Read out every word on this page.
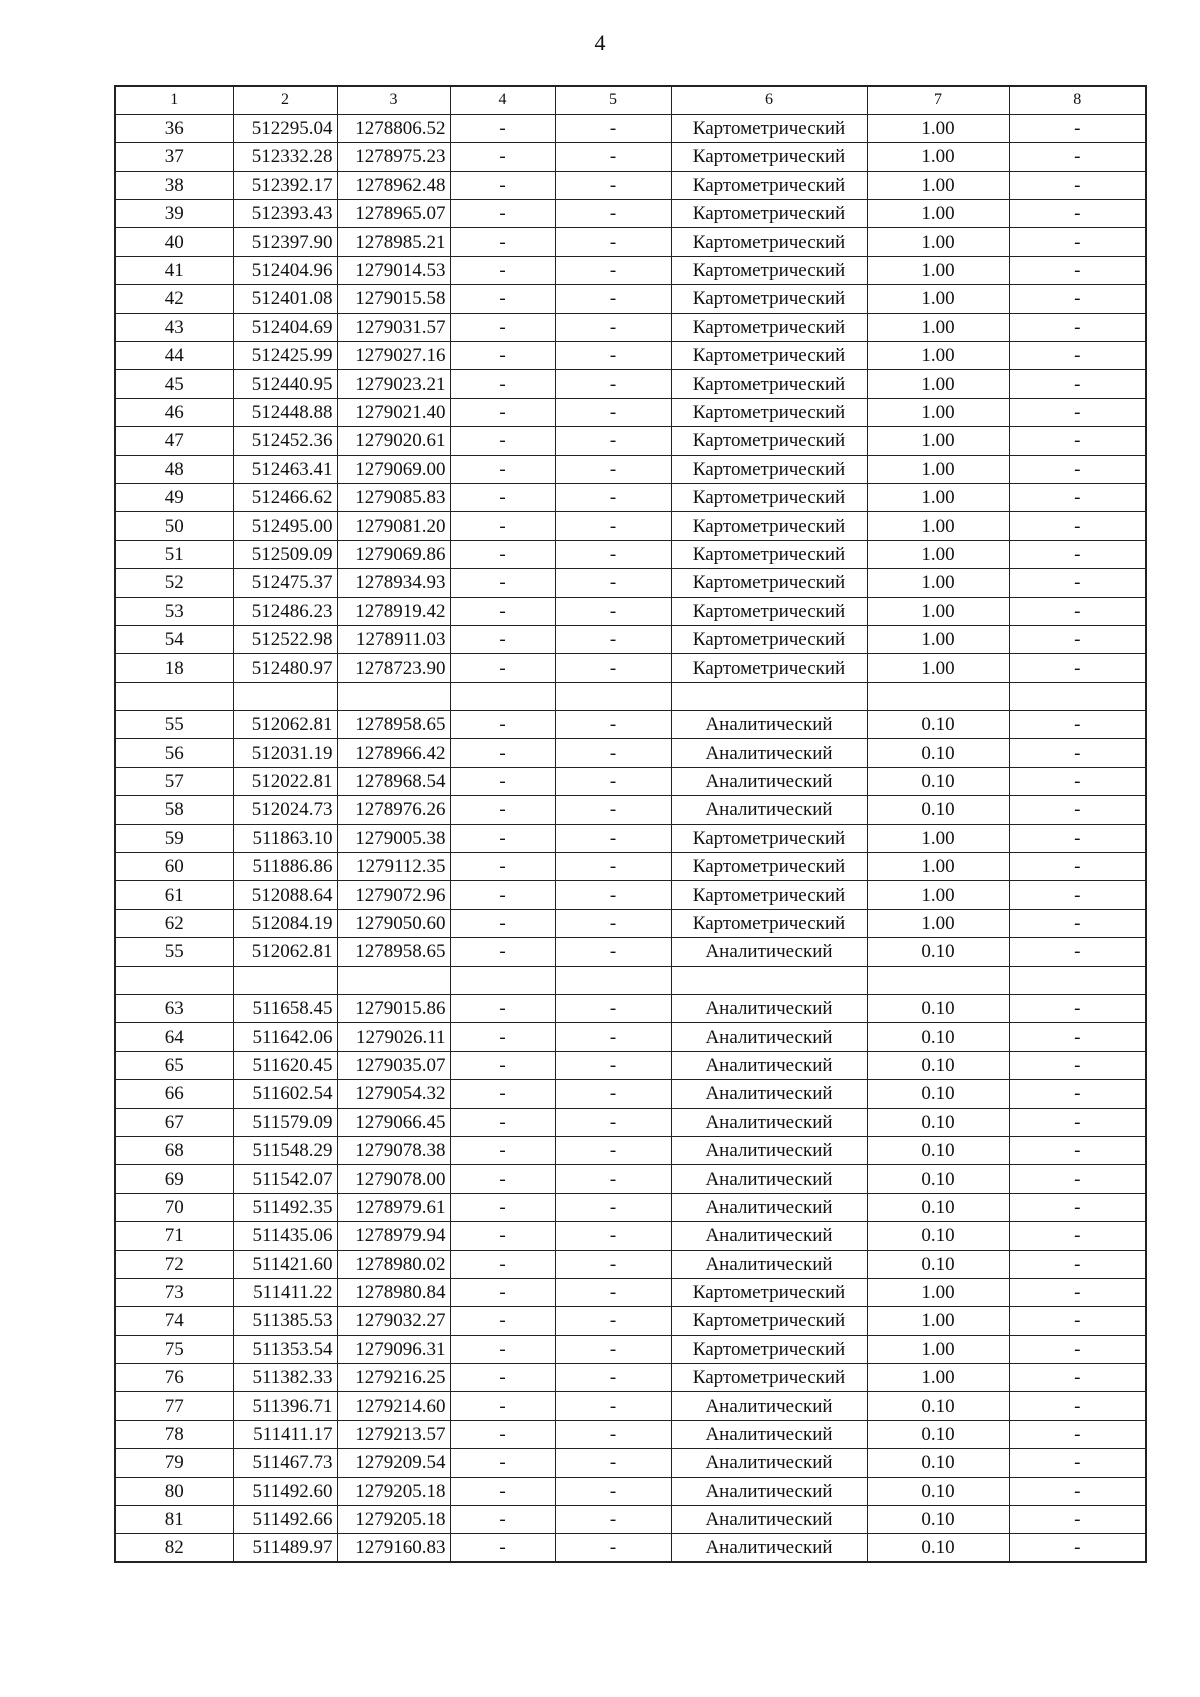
4
1	2	3	4	5	6	7	8
36	512295.04	1278806.52	-	-	Картометрический	1.00	-
37	512332.28	1278975.23	-	-	Картометрический	1.00	-
38	512392.17	1278962.48	-	-	Картометрический	1.00	-
39	512393.43	1278965.07	-	-	Картометрический	1.00	-
40	512397.90	1278985.21	-	-	Картометрический	1.00	-
41	512404.96	1279014.53	-	-	Картометрический	1.00	-
42	512401.08	1279015.58	-	-	Картометрический	1.00	-
43	512404.69	1279031.57	-	-	Картометрический	1.00	-
44	512425.99	1279027.16	-	-	Картометрический	1.00	-
45	512440.95	1279023.21	-	-	Картометрический	1.00	-
46	512448.88	1279021.40	-	-	Картометрический	1.00	-
47	512452.36	1279020.61	-	-	Картометрический	1.00	-
48	512463.41	1279069.00	-	-	Картометрический	1.00	-
49	512466.62	1279085.83	-	-	Картометрический	1.00	-
50	512495.00	1279081.20	-	-	Картометрический	1.00	-
51	512509.09	1279069.86	-	-	Картометрический	1.00	-
52	512475.37	1278934.93	-	-	Картометрический	1.00	-
53	512486.23	1278919.42	-	-	Картометрический	1.00	-
54	512522.98	1278911.03	-	-	Картометрический	1.00	-
18	512480.97	1278723.90	-	-	Картометрический	1.00	-

55	512062.81	1278958.65	-	-	Аналитический	0.10	-
56	512031.19	1278966.42	-	-	Аналитический	0.10	-
57	512022.81	1278968.54	-	-	Аналитический	0.10	-
58	512024.73	1278976.26	-	-	Аналитический	0.10	-
59	511863.10	1279005.38	-	-	Картометрический	1.00	-
60	511886.86	1279112.35	-	-	Картометрический	1.00	-
61	512088.64	1279072.96	-	-	Картометрический	1.00	-
62	512084.19	1279050.60	-	-	Картометрический	1.00	-
55	512062.81	1278958.65	-	-	Аналитический	0.10	-

63	511658.45	1279015.86	-	-	Аналитический	0.10	-
64	511642.06	1279026.11	-	-	Аналитический	0.10	-
65	511620.45	1279035.07	-	-	Аналитический	0.10	-
66	511602.54	1279054.32	-	-	Аналитический	0.10	-
67	511579.09	1279066.45	-	-	Аналитический	0.10	-
68	511548.29	1279078.38	-	-	Аналитический	0.10	-
69	511542.07	1279078.00	-	-	Аналитический	0.10	-
70	511492.35	1278979.61	-	-	Аналитический	0.10	-
71	511435.06	1278979.94	-	-	Аналитический	0.10	-
72	511421.60	1278980.02	-	-	Аналитический	0.10	-
73	511411.22	1278980.84	-	-	Картометрический	1.00	-
74	511385.53	1279032.27	-	-	Картометрический	1.00	-
75	511353.54	1279096.31	-	-	Картометрический	1.00	-
76	511382.33	1279216.25	-	-	Картометрический	1.00	-
77	511396.71	1279214.60	-	-	Аналитический	0.10	-
78	511411.17	1279213.57	-	-	Аналитический	0.10	-
79	511467.73	1279209.54	-	-	Аналитический	0.10	-
80	511492.60	1279205.18	-	-	Аналитический	0.10	-
81	511492.66	1279205.18	-	-	Аналитический	0.10	-
82	511489.97	1279160.83	-	-	Аналитический	0.10	-
